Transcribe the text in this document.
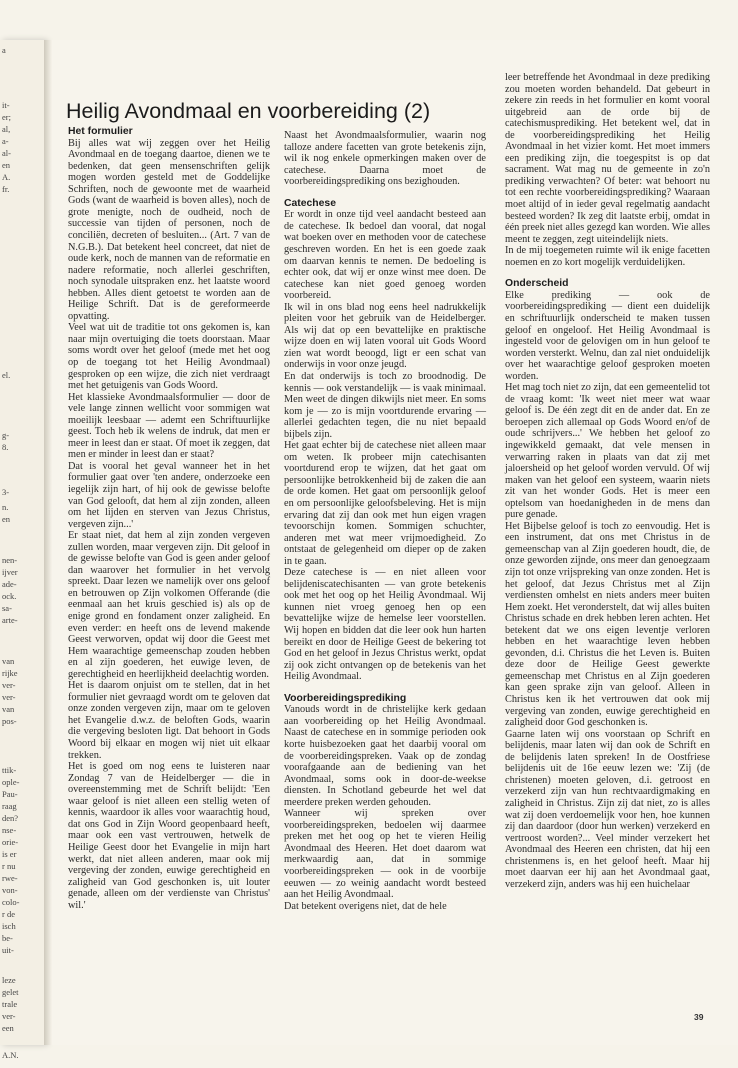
a
it-
er;
al,
a-
al-
en
A.
fr.
el.
g-
8.
3-
n.
en
nen-
ijver
ade-
ock.
sa-
arte-
van
rijke
ver-
ver-
van
pos-
ttik-
ople-
Pau-
raag
den?
nse-
orie-
is er
r nu
rwe-
von-
colo-
r de
isch
be-
uit-
leze
gelet
trale
ver-
een
A.N.
Heilig Avondmaal en voorbereiding (2)
Het formulier

Bij alles wat wij zeggen over het Heilig Avondmaal en de toegang daartoe, dienen we te bedenken, dat geen mensenschriften gelijk mogen worden gesteld met de Goddelijke Schriften, noch de gewoonte met de waarheid Gods (want de waarheid is boven alles), noch de grote menigte, noch de oudheid, noch de successie van tijden of personen, noch de conciliën, decreten of besluiten... (Art. 7 van de N.G.B.). Dat betekent heel concreet, dat niet de oude kerk, noch de mannen van de reformatie en nadere reformatie, noch allerlei geschriften, noch synodale uitspraken enz. het laatste woord hebben. Alles dient getoetst te worden aan de Heilige Schrift. Dat is de gereformeerde opvatting.

Veel wat uit de traditie tot ons gekomen is, kan naar mijn overtuiging die toets doorstaan. Maar soms wordt over het geloof (mede met het oog op de toegang tot het Heilig Avondmaal) gesproken op een wijze, die zich niet verdraagt met het getuigenis van Gods Woord.

Het klassieke Avondmaalsformulier — door de vele lange zinnen wellicht voor sommigen wat moeilijk leesbaar — ademt een Schriftuurlijke geest. Toch heb ik welens de indruk, dat men er meer in leest dan er staat. Of moet ik zeggen, dat men er minder in leest dan er staat?

Dat is vooral het geval wanneer het in het formulier gaat over 'ten andere, onderzoeke een iegelijk zijn hart, of hij ook de gewisse belofte van God gelooft, dat hem al zijn zonden, alleen om het lijden en sterven van Jezus Christus, vergeven zijn...'

Er staat niet, dat hem al zijn zonden vergeven zullen worden, maar vergeven zijn. Dit geloof in de gewisse belofte van God is geen ander geloof dan waarover het formulier in het vervolg spreekt. Daar lezen we namelijk over ons geloof en betrouwen op Zijn volkomen Offerande (die eenmaal aan het kruis geschied is) als op de enige grond en fondament onzer zaligheid. En even verder: en heeft ons de levend makende Geest verworven, opdat wij door die Geest met Hem waarachtige gemeenschap zouden hebben en al zijn goederen, het euwige leven, de gerechtigheid en heerlijkheid deelachtig worden.

Het is daarom onjuist om te stellen, dat in het formulier niet gevraagd wordt om te geloven dat onze zonden vergeven zijn, maar om te geloven het Evangelie d.w.z. de beloften Gods, waarin die vergeving besloten ligt. Dat behoort in Gods Woord bij elkaar en mogen wij niet uit elkaar trekken.

Het is goed om nog eens te luisteren naar Zondag 7 van de Heidelberger — die in overeenstemming met de Schrift belijdt: 'Een waar geloof is niet alleen een stellig weten of kennis, waardoor ik alles voor waarachtig houd, dat ons God in Zijn Woord geopenbaard heeft, maar ook een vast vertrouwen, hetwelk de Heilige Geest door het Evangelie in mijn hart werkt, dat niet alleen anderen, maar ook mij vergeving der zonden, euwige gerechtigheid en zaligheid van God geschonken is, uit louter genade, alleen om der verdienste van Christus' wil.'

Naast het Avondmaalsformulier, waarin nog talloze andere facetten van grote betekenis zijn, wil ik nog enkele opmerkingen maken over de catechese. Daarna moet de voorbereidingsprediking ons bezighouden.

Catechese

Er wordt in onze tijd veel aandacht besteed aan de catechese. Ik bedoel dan vooral, dat nogal wat boeken over en methoden voor de catechese geschreven worden. En het is een goede zaak om daarvan kennis te nemen. De bedoeling is echter ook, dat wij er onze winst mee doen. De catechese kan niet goed genoeg worden voorbereid.

Ik wil in ons blad nog eens heel nadrukkelijk pleiten voor het gebruik van de Heidelberger. Als wij dat op een bevattelijke en praktische wijze doen en wij laten vooral uit Gods Woord zien wat wordt beoogd, ligt er een schat van onderwijs in voor onze jeugd.

En dat onderwijs is toch zo broodnodig. De kennis — ook verstandelijk — is vaak minimaal. Men weet de dingen dikwijls niet meer. En soms kom je — zo is mijn voortdurende ervaring — allerlei gedachten tegen, die nu niet bepaald bijbels zijn.

Het gaat echter bij de catechese niet alleen maar om weten. Ik probeer mijn catechisanten voortdurend erop te wijzen, dat het gaat om persoonlijke betrokkenheid bij de zaken die aan de orde komen. Het gaat om persoonlijk geloof en om persoonlijke geloofsbeleving. Het is mijn ervaring dat zij dan ook met hun eigen vragen tevoorschijn komen. Sommigen schuchter, anderen met wat meer vrijmoedigheid. Zo ontstaat de gelegenheid om dieper op de zaken in te gaan.

Deze catechese is — en niet alleen voor belijdeniscatechisanten — van grote betekenis ook met het oog op het Heilig Avondmaal. Wij kunnen niet vroeg genoeg hen op een bevattelijke wijze de hemelse leer voorstellen. Wij hopen en bidden dat die leer ook hun harten bereikt en door de Heilige Geest de bekering tot God en het geloof in Jezus Christus werkt, opdat zij ook zicht ontvangen op de betekenis van het Heilig Avondmaal.

Voorbereidingsprediking

Vanouds wordt in de christelijke kerk gedaan aan voorbereiding op het Heilig Avondmaal. Naast de catechese en in sommige perioden ook korte huisbezoeken gaat het daarbij vooral om de voorbereidingspreken. Vaak op de zondag voorafgaande aan de bediening van het Avondmaal, soms ook in door-de-weekse diensten. In Schotland gebeurde het wel dat meerdere preken werden gehouden.

Wanneer wij spreken over voorbereidingspreken, bedoelen wij daarmee preken met het oog op het te vieren Heilig Avondmaal des Heeren. Het doet daarom wat merkwaardig aan, dat in sommige voorbereidingspreken — ook in de voorbije eeuwen — zo weinig aandacht wordt besteed aan het Heilig Avondmaal.

Dat betekent overigens niet, dat de hele

leer betreffende het Avondmaal in deze prediking zou moeten worden behandeld. Dat gebeurt in zekere zin reeds in het formulier en komt vooral uitgebreid aan de orde bij de catechismusprediking. Het betekent wel, dat in de voorbereidingsprediking het Heilig Avondmaal in het vizier komt. Het moet immers een prediking zijn, die toegespitst is op dat sacrament. Wat mag nu de gemeente in zo'n prediking verwachten? Of beter: wat behoort nu tot een rechte voorbereidingsprediking? Waaraan moet altijd of in ieder geval regelmatig aandacht besteed worden? Ik zeg dit laatste erbij, omdat in één preek niet alles gezegd kan worden. Wie alles meent te zeggen, zegt uiteindelijk niets.

In de mij toegemeten ruimte wil ik enige facetten noemen en zo kort mogelijk verduidelijken.

Onderscheid

Elke prediking — ook de voorbereidingsprediking — dient een duidelijk en schriftuurlijk onderscheid te maken tussen geloof en ongeloof. Het Heilig Avondmaal is ingesteld voor de gelovigen om in hun geloof te worden versterkt. Welnu, dan zal niet onduidelijk over het waarachtige geloof gesproken moeten worden.

Het mag toch niet zo zijn, dat een gemeentelid tot de vraag komt: 'Ik weet niet meer wat waar geloof is. De één zegt dit en de ander dat. En ze beroepen zich allemaal op Gods Woord en/of de oude schrijvers...' We hebben het geloof zo ingewikkeld gemaakt, dat vele mensen in verwarring raken in plaats van dat zij met jaloersheid op het geloof worden vervuld. Of wij maken van het geloof een systeem, waarin niets zit van het wonder Gods. Het is meer een optelsom van hoedanigheden in de mens dan pure genade.

Het Bijbelse geloof is toch zo eenvoudig. Het is een instrument, dat ons met Christus in de gemeenschap van al Zijn goederen houdt, die, de onze geworden zijnde, ons meer dan genoegzaam zijn tot onze vrijspreking van onze zonden. Het is het geloof, dat Jezus Christus met al Zijn verdiensten omhelst en niets anders meer buiten Hem zoekt. Het veronderstelt, dat wij alles buiten Christus schade en drek hebben leren achten. Het betekent dat we ons eigen leventje verloren hebben en het waarachtige leven hebben gevonden, d.i. Christus die het Leven is. Buiten deze door de Heilige Geest gewerkte gemeenschap met Christus en al Zijn goederen kan geen sprake zijn van geloof. Alleen in Christus ken ik het vertrouwen dat ook mij vergeving van zonden, euwige gerechtigheid en zaligheid door God geschonken is.

Gaarne laten wij ons voorstaan op Schrift en belijdenis, maar laten wij dan ook de Schrift en de belijdenis laten spreken! In de Oostfriese belijdenis uit de 16e eeuw lezen we: 'Zij (de christenen) moeten geloven, d.i. getroost en verzekerd zijn van hun rechtvaardigmaking en zaligheid in Christus. Zijn zij dat niet, zo is alles wat zij doen verdoemelijk voor hen, hoe kunnen zij dan daardoor (door hun werken) verzekerd en vertroost worden?... Veel minder verzekert het Avondmaal des Heeren een christen, dat hij een christenmens is, en het geloof heeft. Maar hij moet daarvan eer hij aan het Avondmaal gaat, verzekerd zijn, anders was hij een huichelaar

39
